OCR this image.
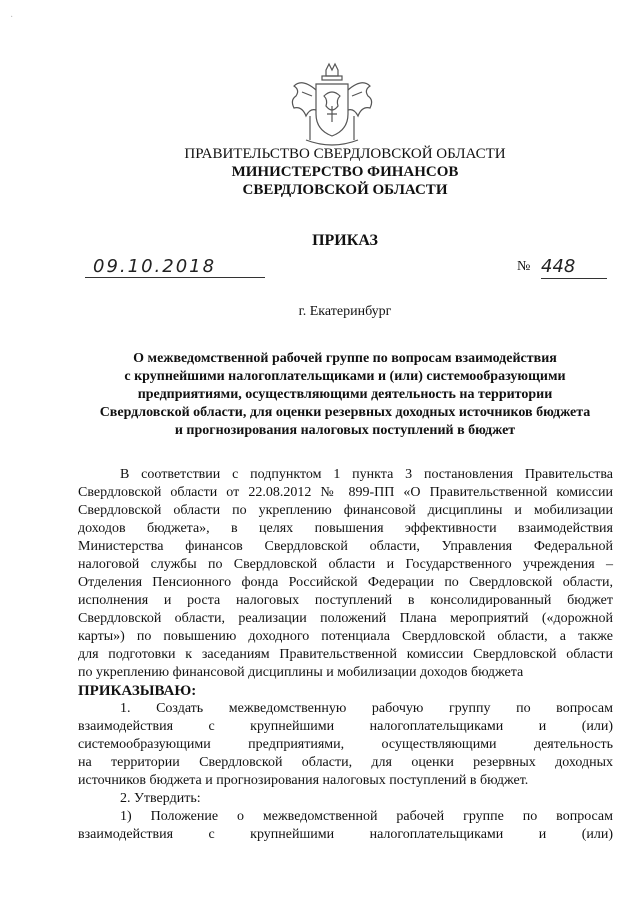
·
ПРАВИТЕЛЬСТВО СВЕРДЛОВСКОЙ ОБЛАСТИ
МИНИСТЕРСТВО ФИНАНСОВ
СВЕРДЛОВСКОЙ ОБЛАСТИ
ПРИКАЗ
09.10.2018	№ 448
г. Екатеринбург
О межведомственной рабочей группе по вопросам взаимодействия
с крупнейшими налогоплательщиками и (или) системообразующими
предприятиями, осуществляющими деятельность на территории
Свердловской области, для оценки резервных доходных источников бюджета
и прогнозирования налоговых поступлений в бюджет
В соответствии с подпунктом 1 пункта 3 постановления Правительства
Свердловской области от 22.08.2012 № 899-ПП «О Правительственной комиссии
Свердловской области по укреплению финансовой дисциплины и мобилизации
доходов бюджета», в целях повышения эффективности взаимодействия
Министерства финансов Свердловской области, Управления Федеральной
налоговой службы по Свердловской области и Государственного учреждения –
Отделения Пенсионного фонда Российской Федерации по Свердловской области,
исполнения и роста налоговых поступлений в консолидированный бюджет
Свердловской области, реализации положений Плана мероприятий («дорожной
карты») по повышению доходного потенциала Свердловской области, а также
для подготовки к заседаниям Правительственной комиссии Свердловской области
по укреплению финансовой дисциплины и мобилизации доходов бюджета
ПРИКАЗЫВАЮ:
1. Создать межведомственную рабочую группу по вопросам
взаимодействия с крупнейшими налогоплательщиками и (или)
системообразующими предприятиями, осуществляющими деятельность
на территории Свердловской области, для оценки резервных доходных
источников бюджета и прогнозирования налоговых поступлений в бюджет.
2. Утвердить:
1) Положение о межведомственной рабочей группе по вопросам
взаимодействия с крупнейшими налогоплательщиками и (или)
